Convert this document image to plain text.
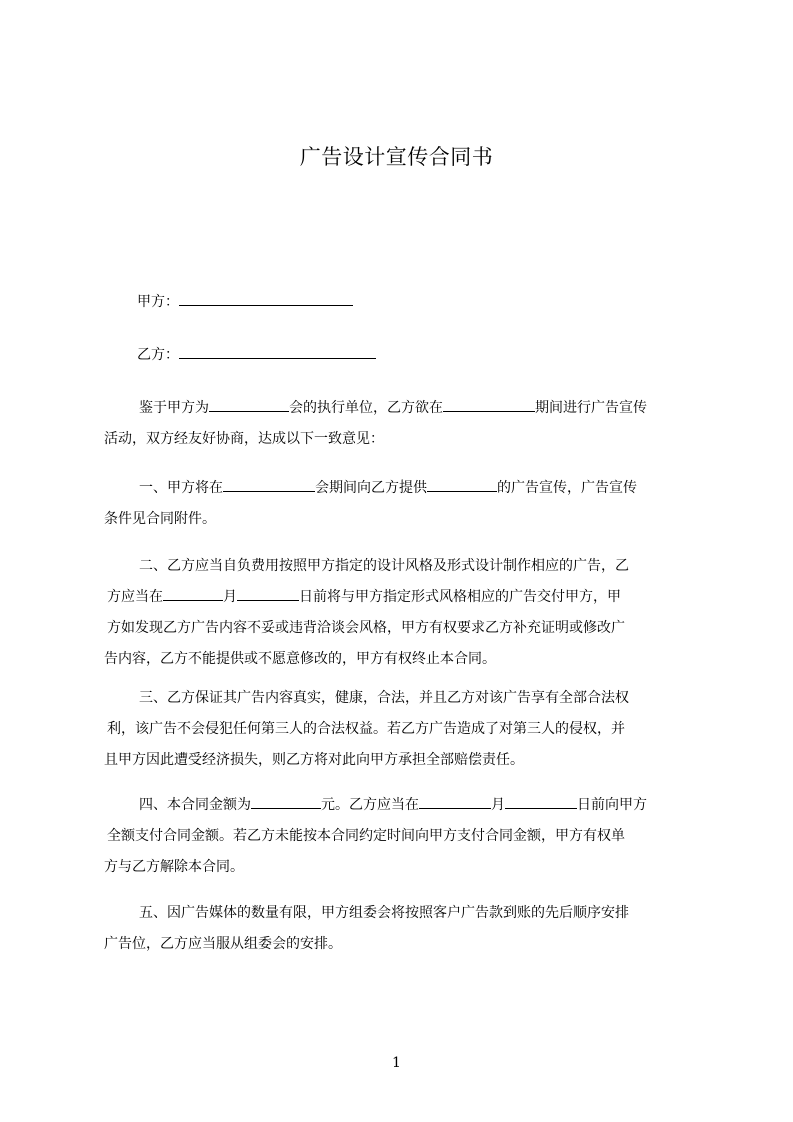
广告设计宣传合同书
甲方：
乙方：
鉴于甲方为	会的执行单位，乙方欲在	期间进行广告宣传
活动，双方经友好协商，达成以下一致意见：
一、甲方将在	会期间向乙方提供	的广告宣传，广告宣传
条件见合同附件。
二、乙方应当自负费用按照甲方指定的设计风格及形式设计制作相应的广告，乙
方应当在	月	日前将与甲方指定形式风格相应的广告交付甲方，甲
方如发现乙方广告内容不妥或违背洽谈会风格，甲方有权要求乙方补充证明或修改广
告内容，乙方不能提供或不愿意修改的，甲方有权终止本合同。
三、乙方保证其广告内容真实，健康，合法，并且乙方对该广告享有全部合法权
利，该广告不会侵犯任何第三人的合法权益。若乙方广告造成了对第三人的侵权，并
且甲方因此遭受经济损失，则乙方将对此向甲方承担全部赔偿责任。
四、本合同金额为	元。乙方应当在	月	日前向甲方
全额支付合同金额。若乙方未能按本合同约定时间向甲方支付合同金额，甲方有权单
方与乙方解除本合同。
五、因广告媒体的数量有限，甲方组委会将按照客户广告款到账的先后顺序安排
广告位，乙方应当服从组委会的安排。
1
